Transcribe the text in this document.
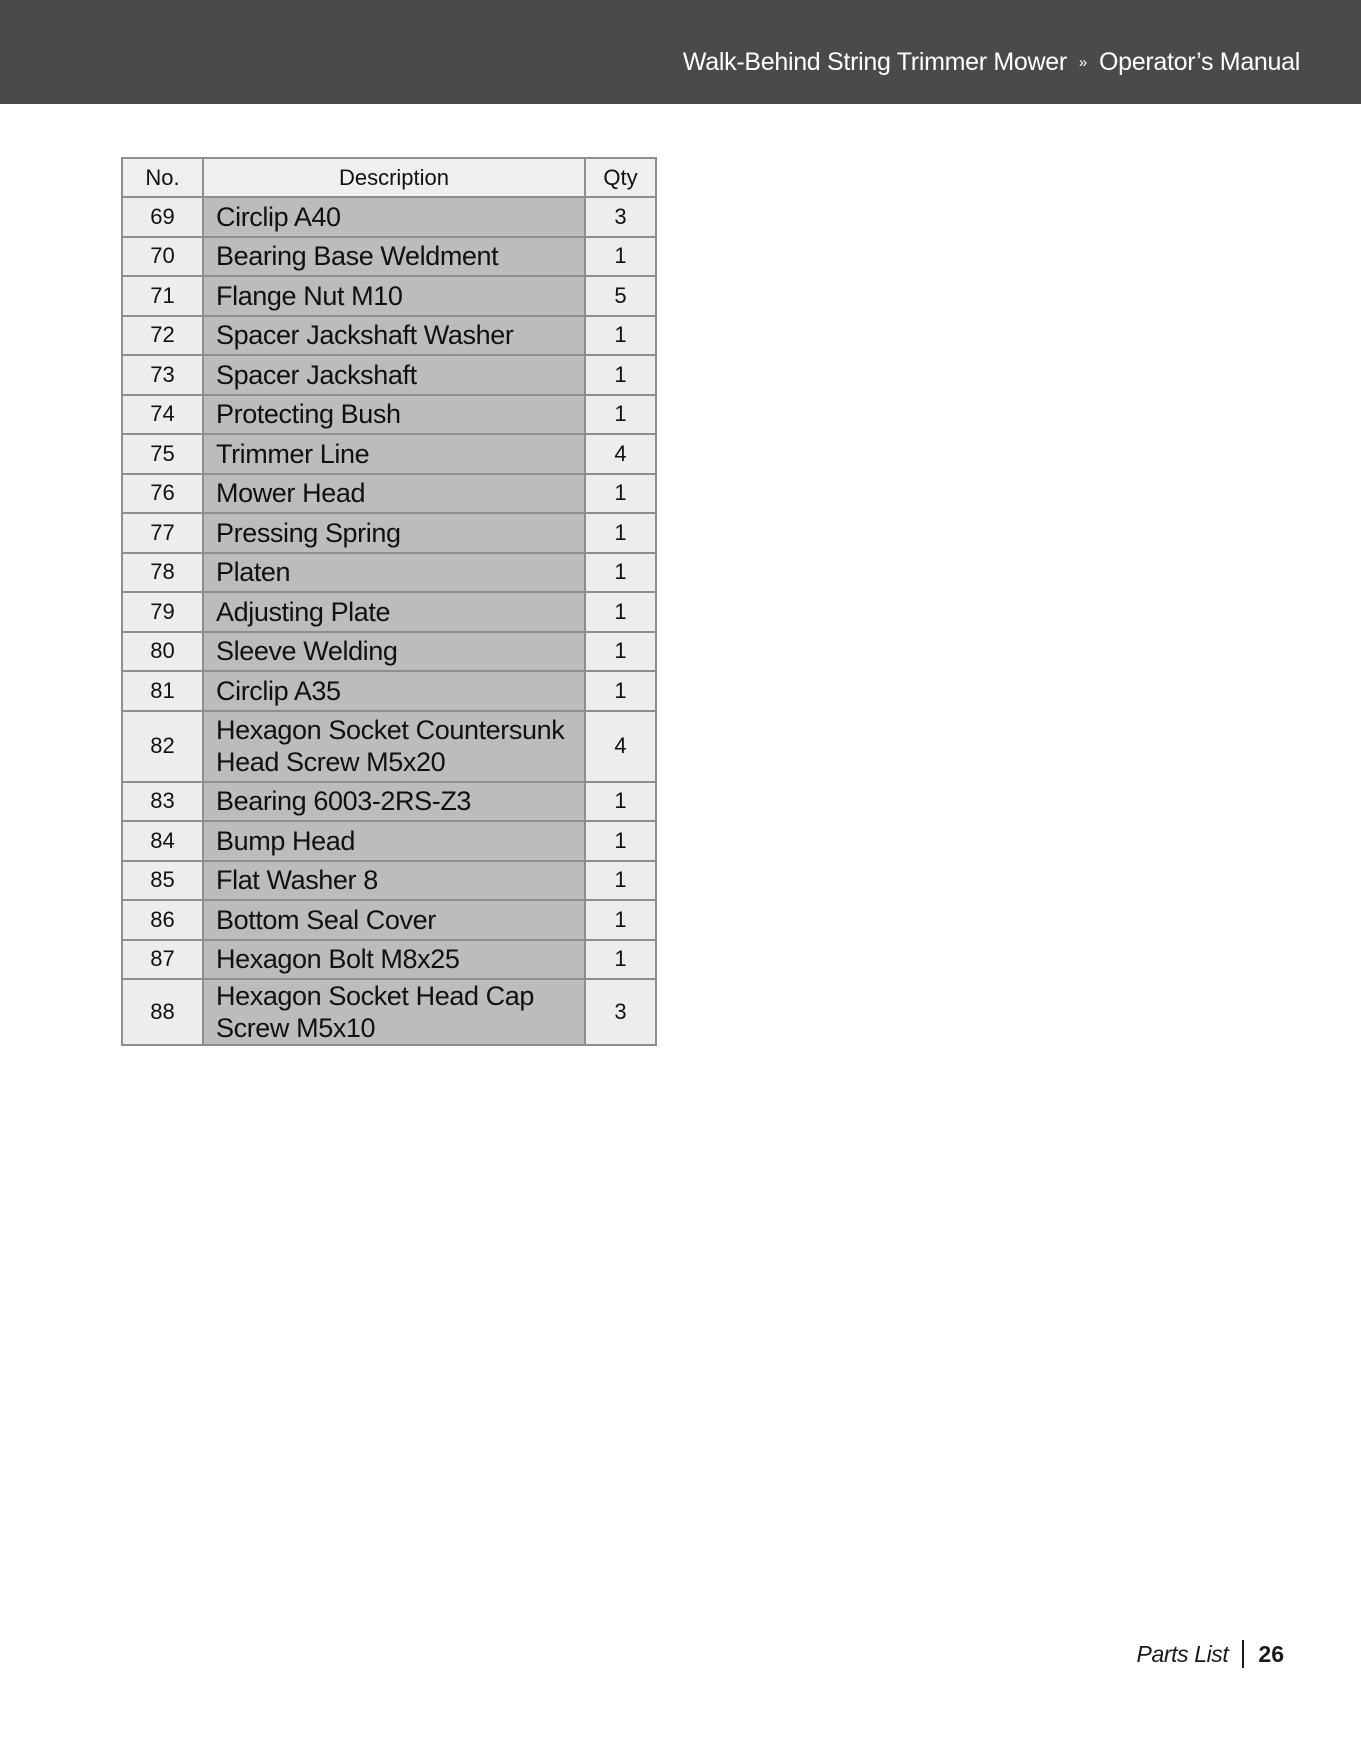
Walk-Behind String Trimmer Mower » Operator’s Manual
No.	Description	Qty
69	Circlip A40	3
70	Bearing Base Weldment	1
71	Flange Nut M10	5
72	Spacer Jackshaft Washer	1
73	Spacer Jackshaft	1
74	Protecting Bush	1
75	Trimmer Line	4
76	Mower Head	1
77	Pressing Spring	1
78	Platen	1
79	Adjusting Plate	1
80	Sleeve Welding	1
81	Circlip A35	1
82	Hexagon Socket Countersunk
Head Screw M5x20	4
83	Bearing 6003-2RS-Z3	1
84	Bump Head	1
85	Flat Washer 8	1
86	Bottom Seal Cover	1
87	Hexagon Bolt M8x25	1
88	Hexagon Socket Head Cap
Screw M5x10	3
Parts List 26
